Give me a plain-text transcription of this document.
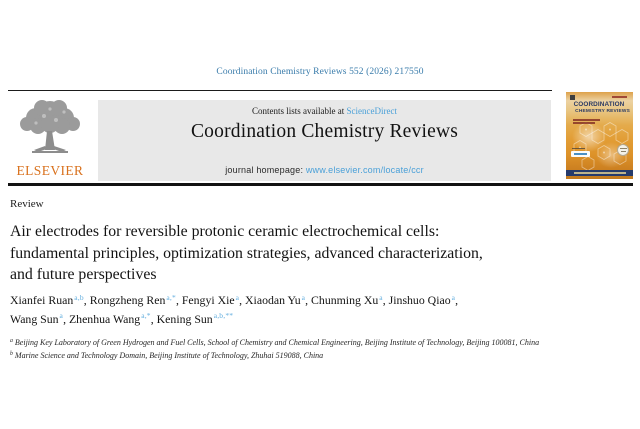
Coordination Chemistry Reviews 552 (2026) 217550
ELSEVIER
Contents lists available at ScienceDirect
Coordination Chemistry Reviews
journal homepage: www.elsevier.com/locate/ccr
COORDINATION
CHEMISTRY REVIEWS
Review
Air electrodes for reversible protonic ceramic electrochemical cells:
fundamental principles, optimization strategies, advanced characterization,
and future perspectives
Xianfei Ruan$^{a,b}$, Rongzheng Ren$^{a,*}$, Fengyi Xie$^a$, Xiaodan Yu$^a$, Chunming Xu$^a$, Jinshuo Qiao$^a$,
Wang Sun$^a$, Zhenhua Wang$^{a,*}$, Kening Sun$^{a,b,**}$
$^a$ Beijing Key Laboratory of Green Hydrogen and Fuel Cells, School of Chemistry and Chemical Engineering, Beijing Institute of Technology, Beijing 100081, China
$^b$ Marine Science and Technology Domain, Beijing Institute of Technology, Zhuhai 519088, China
